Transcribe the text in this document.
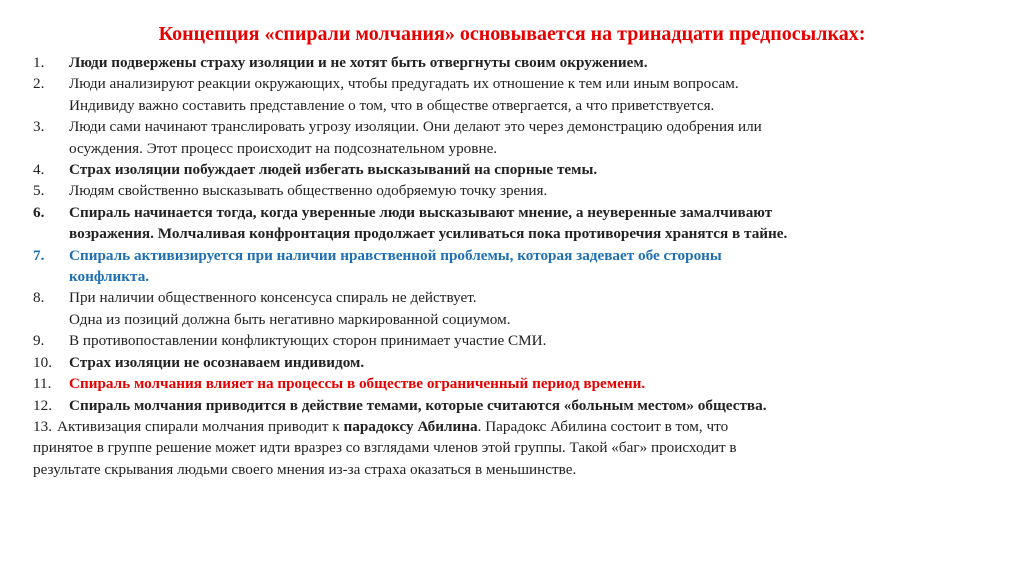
Концепция «спирали молчания» основывается на тринадцати предпосылках:
1.	Люди подвержены страху изоляции и не хотят быть отвергнуты своим окружением.
2.	Люди анализируют реакции окружающих, чтобы предугадать их отношение к тем или иным вопросам.
Индивиду важно составить представление о том, что в обществе отвергается, а что приветствуется.
3.	Люди сами начинают транслировать угрозу изоляции. Они делают это через демонстрацию одобрения или
осуждения. Этот процесс происходит на подсознательном уровне.
4.	Страх изоляции побуждает людей избегать высказываний на спорные темы.
5.	Людям свойственно высказывать общественно одобряемую точку зрения.
6.	Спираль начинается тогда, когда уверенные люди высказывают мнение, а неуверенные замалчивают
возражения. Молчаливая конфронтация продолжает усиливаться пока противоречия хранятся в тайне.
7.	Спираль активизируется при наличии нравственной проблемы, которая задевает обе стороны
конфликта.
8.	При наличии общественного консенсуса спираль не действует.
Одна из позиций должна быть негативно маркированной социумом.
9.	В противопоставлении конфликтующих сторон принимает участие СМИ.
10.	Страх изоляции не осознаваем индивидом.
11.	Спираль молчания влияет на процессы в обществе ограниченный период времени.
12.	Спираль молчания приводится в действие темами, которые считаются «больным местом» общества.
13. Активизация спирали молчания приводит к парадоксу Абилина. Парадокс Абилина состоит в том, что
принятое в группе решение может идти вразрез со взглядами членов этой группы. Такой «баг» происходит в
результате скрывания людьми своего мнения из-за страха оказаться в меньшинстве.
